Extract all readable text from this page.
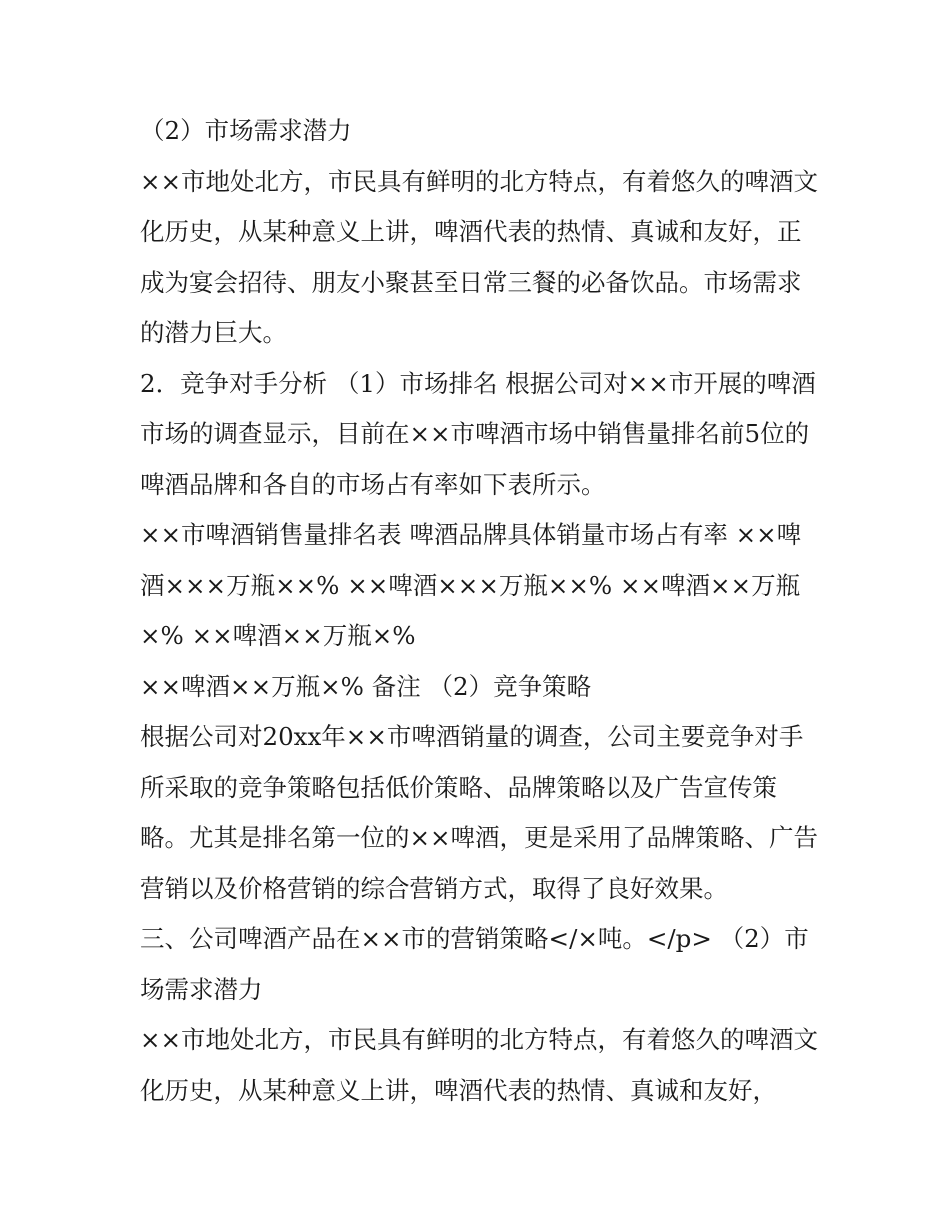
（2）市场需求潜力

××市地处北方，市民具有鲜明的北方特点，有着悠久的啤酒文化历史，从某种意义上讲，啤酒代表的热情、真诚和友好，正成为宴会招待、朋友小聚甚至日常三餐的必备饮品。市场需求的潜力巨大。

2．竞争对手分析 （1）市场排名 根据公司对××市开展的啤酒市场的调查显示，目前在××市啤酒市场中销售量排名前5位的啤酒品牌和各自的市场占有率如下表所示。

××市啤酒销售量排名表 啤酒品牌具体销量市场占有率 ××啤酒×××万瓶××% ××啤酒×××万瓶××% ××啤酒××万瓶×% ××啤酒××万瓶×%

××啤酒××万瓶×% 备注 （2）竞争策略

根据公司对20xx年××市啤酒销量的调查，公司主要竞争对手所采取的竞争策略包括低价策略、品牌策略以及广告宣传策略。尤其是排名第一位的××啤酒，更是采用了品牌策略、广告营销以及价格营销的综合营销方式，取得了良好效果。

三、公司啤酒产品在××市的营销策略</×吨。</p> （2）市场需求潜力

××市地处北方，市民具有鲜明的北方特点，有着悠久的啤酒文化历史，从某种意义上讲，啤酒代表的热情、真诚和友好，
